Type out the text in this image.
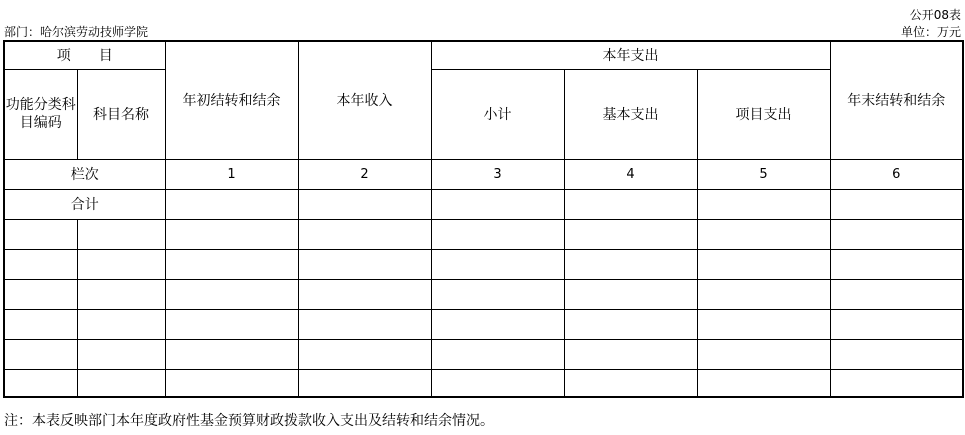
公开08表
单位：万元
部门：哈尔滨劳动技师学院
项　　目		年初结转和结余	本年收入	本年支出			年末结转和结余
功能分类科目编码	科目名称			小计	基本支出	项目支出	
栏次		1	2	3	4	5	6
合计							

注：本表反映部门本年度政府性基金预算财政拨款收入支出及结转和结余情况。
